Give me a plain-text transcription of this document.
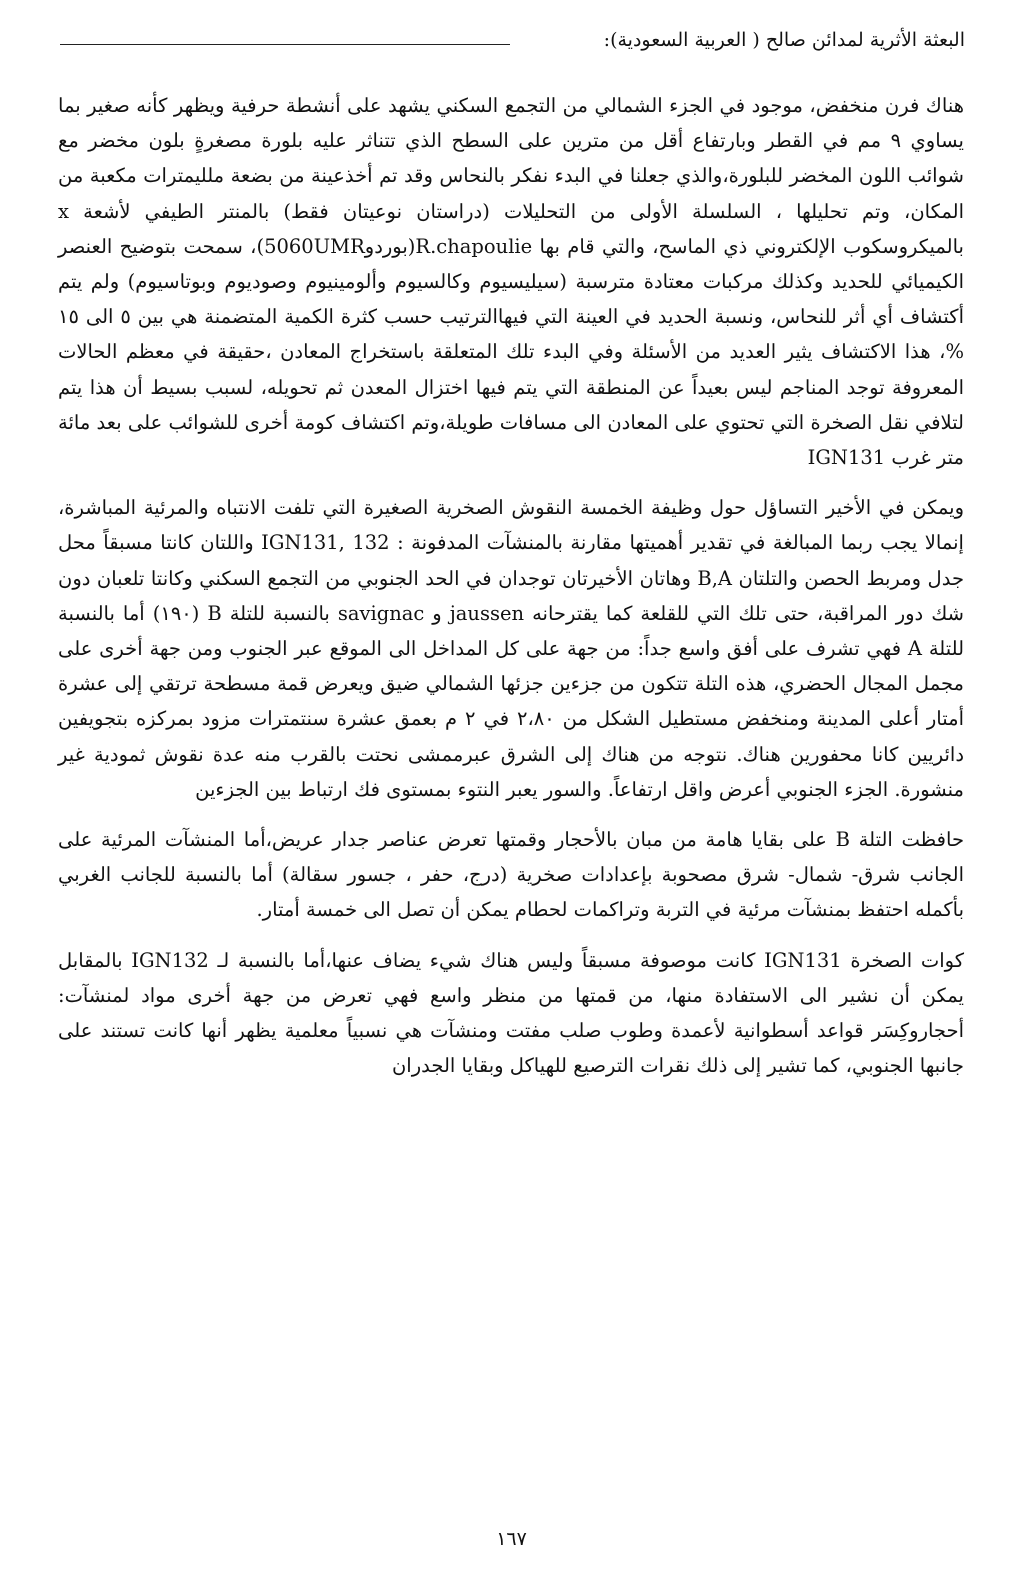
البعثة الأثرية لمدائن صالح ( العربية السعودية):

هناك فرن منخفض، موجود في الجزء الشمالي من التجمع السكني يشهد على أنشطة حرفية ويظهر كأنه صغير بما يساوي ٩ مم في القطر وبارتفاع أقل من مترين على السطح الذي تتناثر عليه بلورة مصغرةٍ بلون مخضر مع شوائب اللون المخضر للبلورة،والذي جعلنا في البدء نفكر بالنحاس وقد تم أخذعينة من بضعة ملليمترات مكعبة من المكان، وتم تحليلها ، السلسلة الأولى من التحليلات (دراستان نوعيتان فقط) بالمنتر الطيفي لأشعة x بالميكروسكوب الإلكتروني ذي الماسح، والتي قام بها R.chapoulie(بوردو5060UMR)، سمحت بتوضيح العنصر الكيميائي للحديد وكذلك مركبات معتادة مترسبة (سيليسيوم وكالسيوم وألومينيوم وصوديوم وبوتاسيوم) ولم يتم أكتشاف أي أثر للنحاس، ونسبة الحديد في العينة التي فيهاالترتيب حسب كثرة الكمية المتضمنة هي بين ٥ الى ١٥ %، هذا الاكتشاف يثير العديد من الأسئلة وفي البدء تلك المتعلقة باستخراج المعادن ،حقيقة في معظم الحالات المعروفة توجد المناجم ليس بعيداً عن المنطقة التي يتم فيها اختزال المعدن ثم تحويله، لسبب بسيط أن هذا يتم لتلافي نقل الصخرة التي تحتوي على المعادن الى مسافات طويلة،وتم اكتشاف كومة أخرى للشوائب على بعد مائة متر غرب IGN131

ويمكن في الأخير التساؤل حول وظيفة الخمسة النقوش الصخرية الصغيرة التي تلفت الانتباه والمرئية المباشرة، إنمالا يجب ربما المبالغة في تقدير أهميتها مقارنة بالمنشآت المدفونة : IGN131, 132 واللتان كانتا مسبقاً محل جدل ومربط الحصن والتلتان B,A وهاتان الأخيرتان توجدان في الحد الجنوبي من التجمع السكني وكانتا تلعبان دون شك دور المراقبة، حتى تلك التي للقلعة كما يقترحانه jaussen و savignac بالنسبة للتلة B (١٩٠) أما بالنسبة للتلة A فهي تشرف على أفق واسع جداً: من جهة على كل المداخل الى الموقع عبر الجنوب ومن جهة أخرى على مجمل المجال الحضري، هذه التلة تتكون من جزءين جزئها الشمالي ضيق ويعرض قمة مسطحة ترتقي إلى عشرة أمتار أعلى المدينة ومنخفض مستطيل الشكل من ٢،٨٠ في ٢ م بعمق عشرة سنتمترات مزود بمركزه بتجويفين دائريين كانا محفورين هناك. نتوجه من هناك إلى الشرق عبرممشى نحتت بالقرب منه عدة نقوش ثمودية غير منشورة. الجزء الجنوبي أعرض واقل ارتفاعاً. والسور يعبر النتوء بمستوى فك ارتباط بين الجزءين

حافظت التلة B على بقايا هامة من مبان بالأحجار وقمتها تعرض عناصر جدار عريض،أما المنشآت المرئية على الجانب شرق- شمال- شرق مصحوبة بإعدادات صخرية (درج، حفر ، جسور سقالة) أما بالنسبة للجانب الغربي بأكمله احتفظ بمنشآت مرئية في التربة وتراكمات لحطام يمكن أن تصل الى خمسة أمتار.

كوات الصخرة IGN131 كانت موصوفة مسبقاً وليس هناك شيء يضاف عنها،أما بالنسبة لـ IGN132 بالمقابل يمكن أن نشير الى الاستفادة منها، من قمتها من منظر واسع فهي تعرض من جهة أخرى مواد لمنشآت: أحجاروكِسَر قواعد أسطوانية لأعمدة وطوب صلب مفتت ومنشآت هي نسبياً معلمية يظهر أنها كانت تستند على جانبها الجنوبي، كما تشير إلى ذلك نقرات الترصيع للهياكل وبقايا الجدران

١٦٧
